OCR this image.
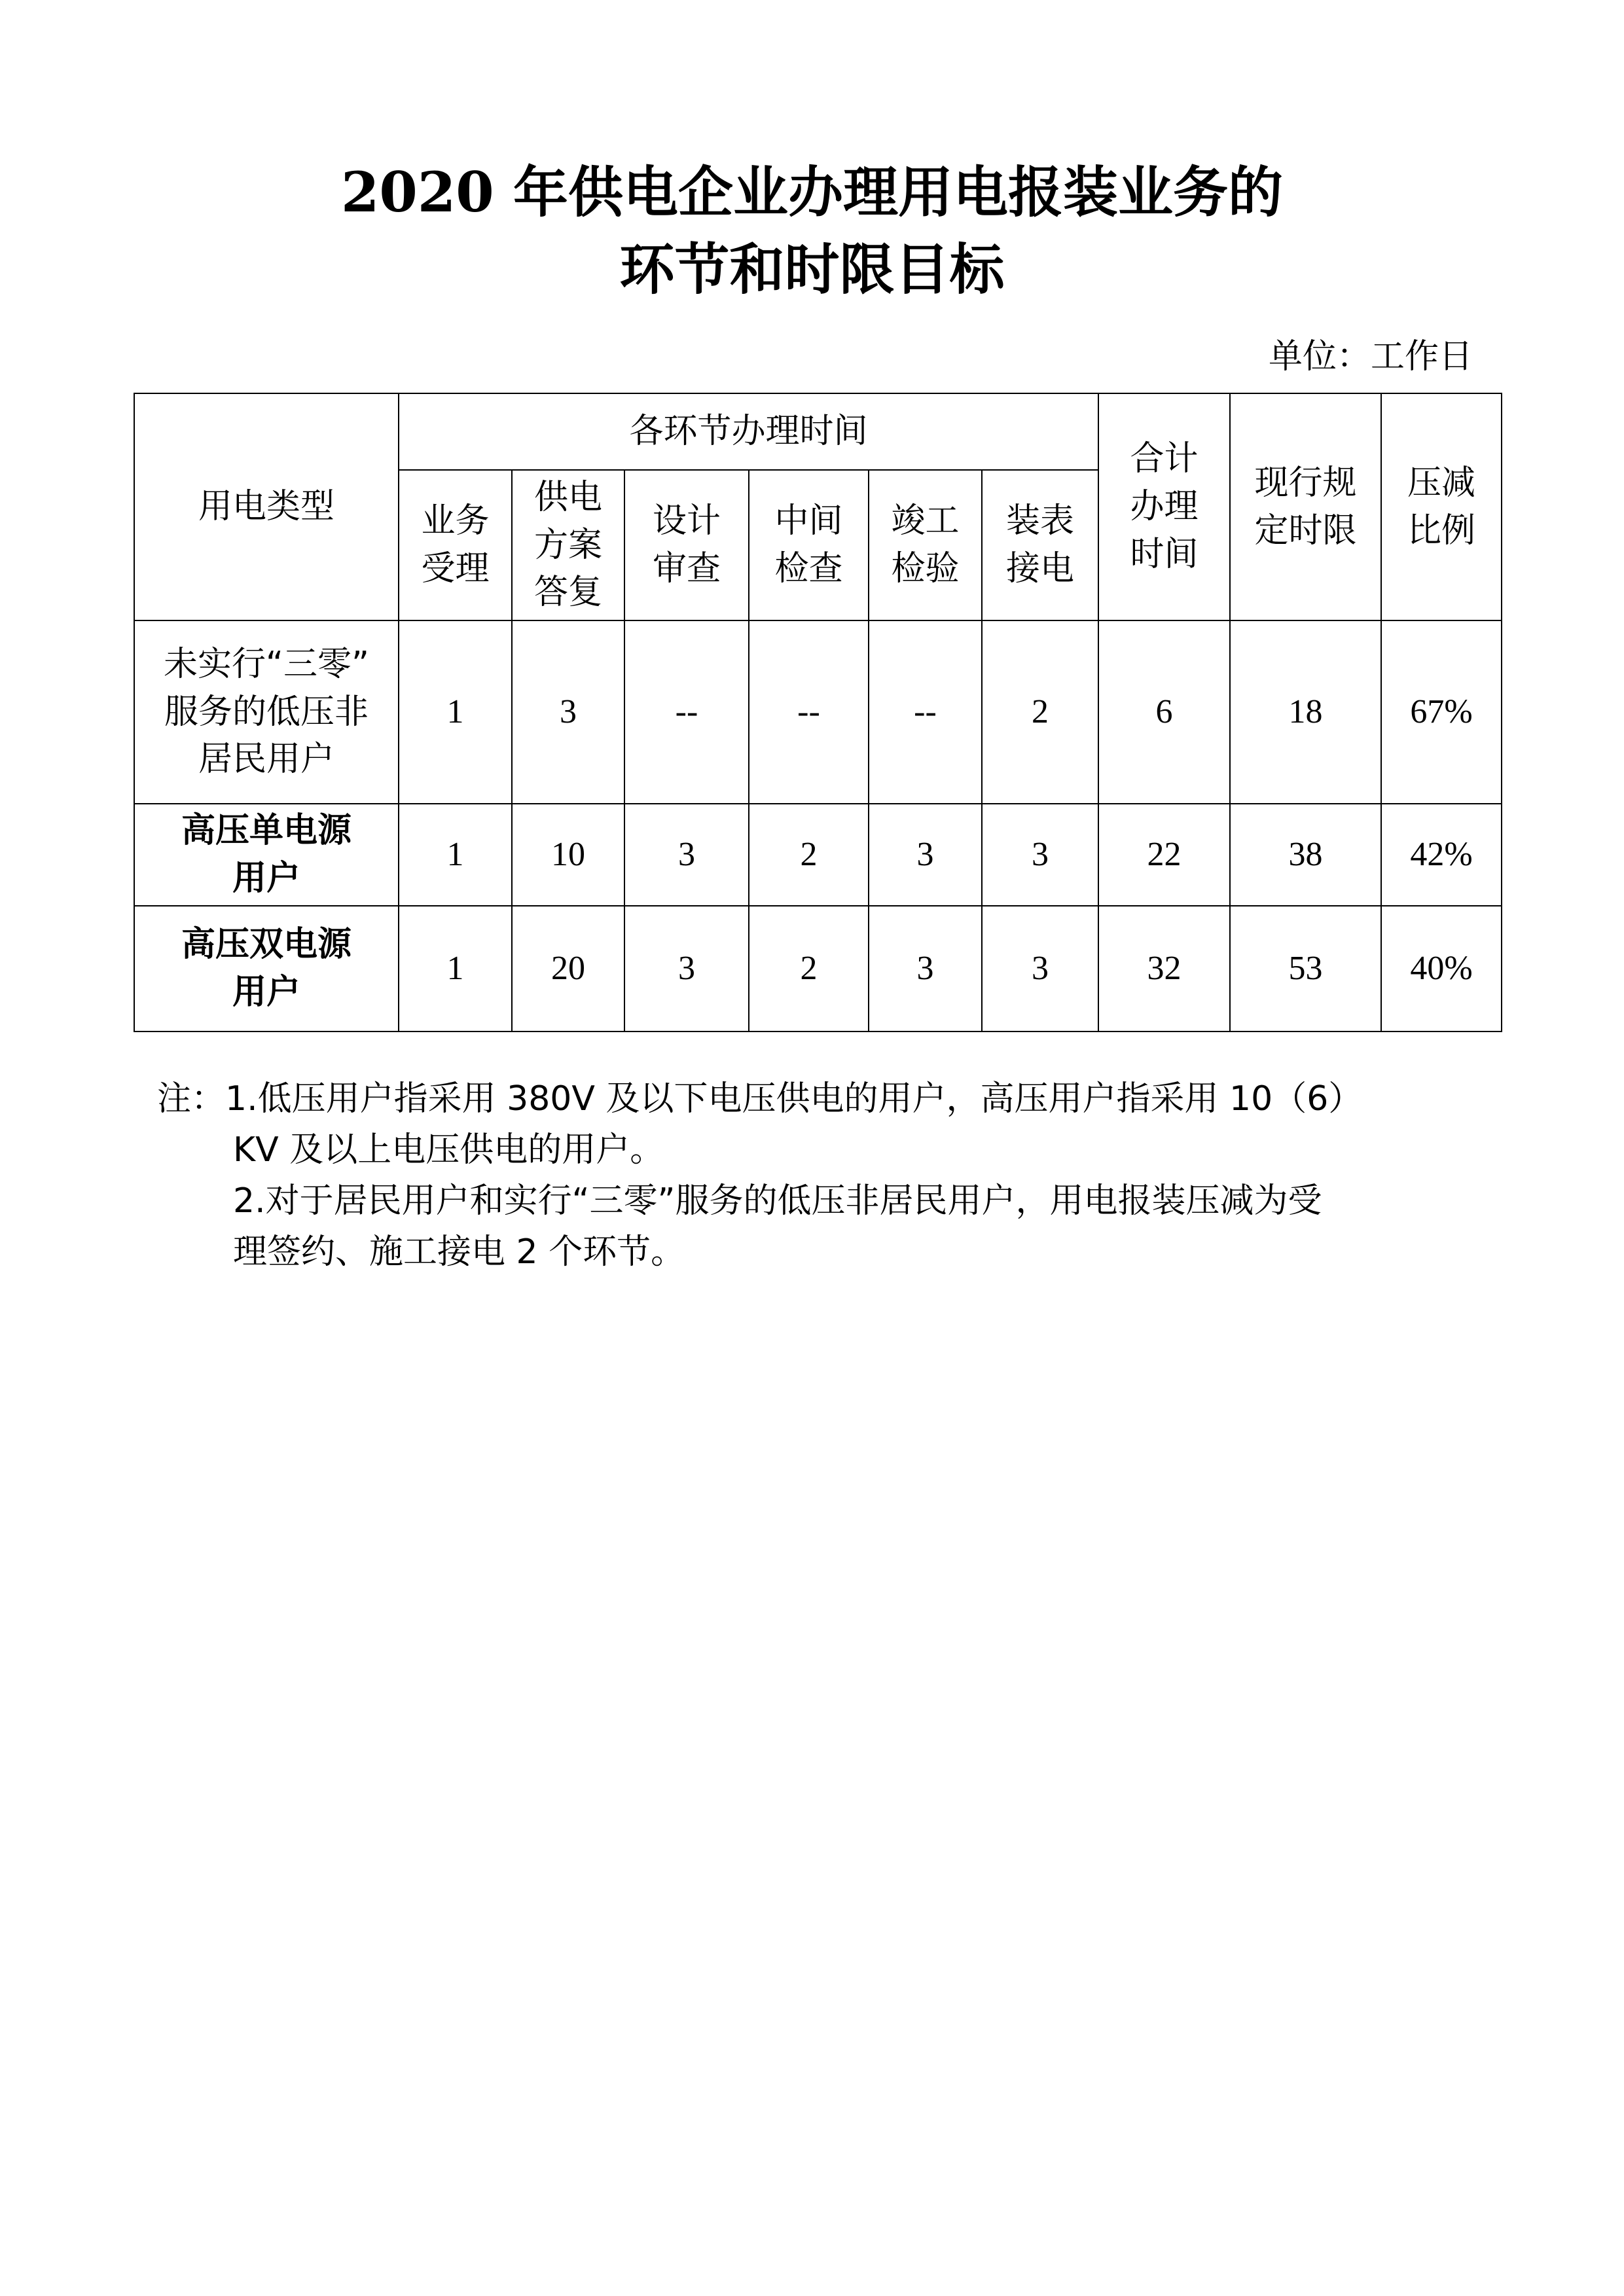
2020 年供电企业办理用电报装业务的
环节和时限目标
单位：工作日
用电类型	各环节办理时间						合计办理时间	现行规定时限	压减比例
	业务受理	供电方案答复	设计审查	中间检查	竣工检验	装表接电			

未实行“三零”
服务的低压非
居民用户	1	3	--	--	--	2	6	18	67%

高压单电源
用户	1	10	3	2	3	3	22	38	42%

高压双电源
用户	1	20	3	2	3	3	32	53	40%
注：1.低压用户指采用 380V 及以下电压供电的用户，高压用户指采用 10（6）
KV 及以上电压供电的用户。
2.对于居民用户和实行“三零”服务的低压非居民用户，用电报装压减为受
理签约、施工接电 2 个环节。
